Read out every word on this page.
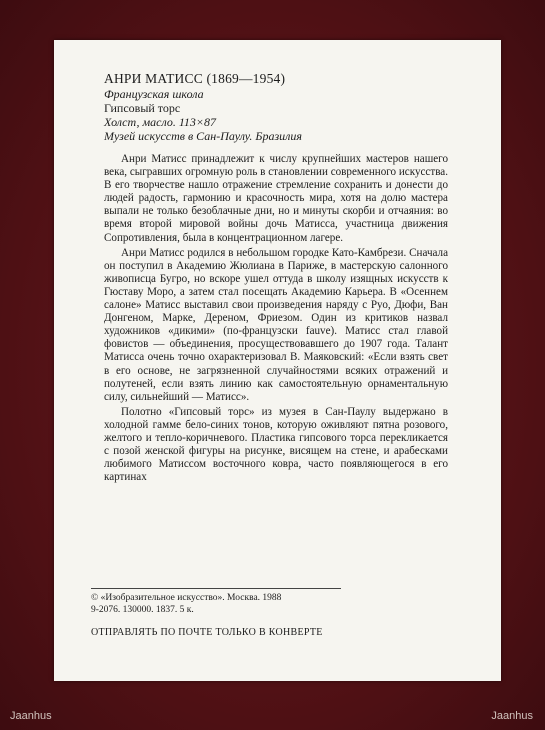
АНРИ МАТИСС (1869—1954)

Французская школа

Гипсовый торс

Холст, масло. 113×87

Музей искусств в Сан-Паулу. Бразилия

Анри Матисс принадлежит к числу крупнейших мастеров нашего века, сыгравших огромную роль в становлении современного искусства. В его творчестве нашло отражение стремление сохранить и донести до людей радость, гармонию и красочность мира, хотя на долю мастера выпали не только безоблачные дни, но и минуты скорби и отчаяния: во время второй мировой войны дочь Матисса, участница движения Сопротивления, была в концентрационном лагере.

Анри Матисс родился в небольшом городке Като-Камбрези. Сначала он поступил в Академию Жюлиана в Париже, в мастерскую салонного живописца Бугро, но вскоре ушел оттуда в школу изящных искусств к Гюставу Моро, а затем стал посещать Академию Карьера. В «Осеннем салоне» Матисс выставил свои произведения наряду с Руо, Дюфи, Ван Донгеном, Марке, Дереном, Фриезом. Один из критиков назвал художников «дикими» (по-французски fauve). Матисс стал главой фовистов — объединения, просуществовавшего до 1907 года. Талант Матисса очень точно охарактеризовал В. Маяковский: «Если взять свет в его основе, не загрязненной случайностями всяких отражений и полутеней, если взять линию как самостоятельную орнаментальную силу, сильнейший — Матисс».

Полотно «Гипсовый торс» из музея в Сан-Паулу выдержано в холодной гамме бело-синих тонов, которую оживляют пятна розового, желтого и тепло-коричневого. Пластика гипсового торса перекликается с позой женской фигуры на рисунке, висящем на стене, и арабесками любимого Матиссом восточного ковра, часто появляющегося в его картинах

© «Изобразительное искусство». Москва. 1988

9-2076. 130000. 1837. 5 к.

ОТПРАВЛЯТЬ ПО ПОЧТЕ ТОЛЬКО В КОНВЕРТЕ

Jaanhus	Jaanhus
